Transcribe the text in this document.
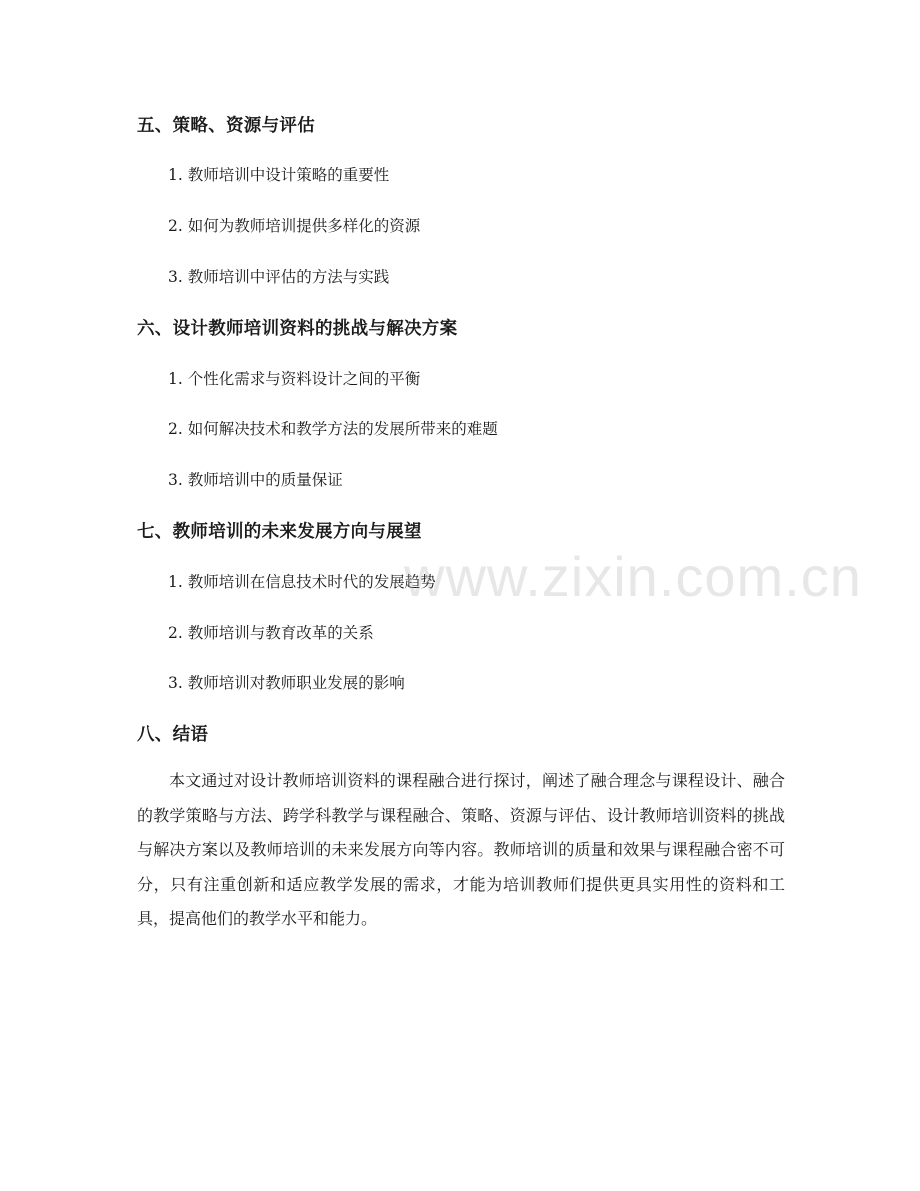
五、策略、资源与评估
1. 教师培训中设计策略的重要性
2. 如何为教师培训提供多样化的资源
3. 教师培训中评估的方法与实践
六、设计教师培训资料的挑战与解决方案
1. 个性化需求与资料设计之间的平衡
2. 如何解决技术和教学方法的发展所带来的难题
3. 教师培训中的质量保证
七、教师培训的未来发展方向与展望
1. 教师培训在信息技术时代的发展趋势
2. 教师培训与教育改革的关系
3. 教师培训对教师职业发展的影响
八、结语

本文通过对设计教师培训资料的课程融合进行探讨，阐述了融合理念与课程设计、融合的教学策略与方法、跨学科教学与课程融合、策略、资源与评估、设计教师培训资料的挑战与解决方案以及教师培训的未来发展方向等内容。教师培训的质量和效果与课程融合密不可分，只有注重创新和适应教学发展的需求，才能为培训教师们提供更具实用性的资料和工具，提高他们的教学水平和能力。

www.zixin.com.cn
